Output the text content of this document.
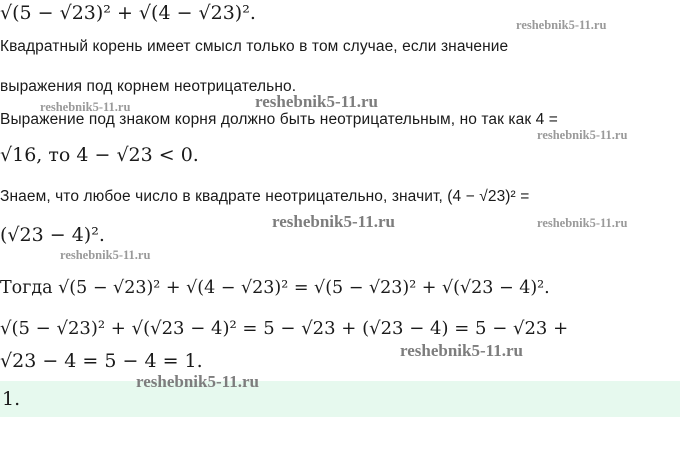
√(5 − √23)² + √(4 − √23)².
Квадратный корень имеет смысл только в том случае, если значение
выражения под корнем неотрицательно.
Выражение под знаком корня должно быть неотрицательным, но так как 4 =
√16, то 4 − √23 < 0.
Знаем, что любое число в квадрате неотрицательно, значит, (4 − √23)² =
(√23 − 4)².
Тогда √(5 − √23)² + √(4 − √23)² = √(5 − √23)² + √(√23 − 4)².
√(5 − √23)² + √(√23 − 4)² = 5 − √23 + (√23 − 4) = 5 − √23 +
√23 − 4 = 5 − 4 = 1.
1.
reshebnik5-11.ru
reshebnik5-11.ru	reshebnik5-11.ru
reshebnik5-11.ru
reshebnik5-11.ru	reshebnik5-11.ru
reshebnik5-11.ru
reshebnik5-11.ru
reshebnik5-11.ru
